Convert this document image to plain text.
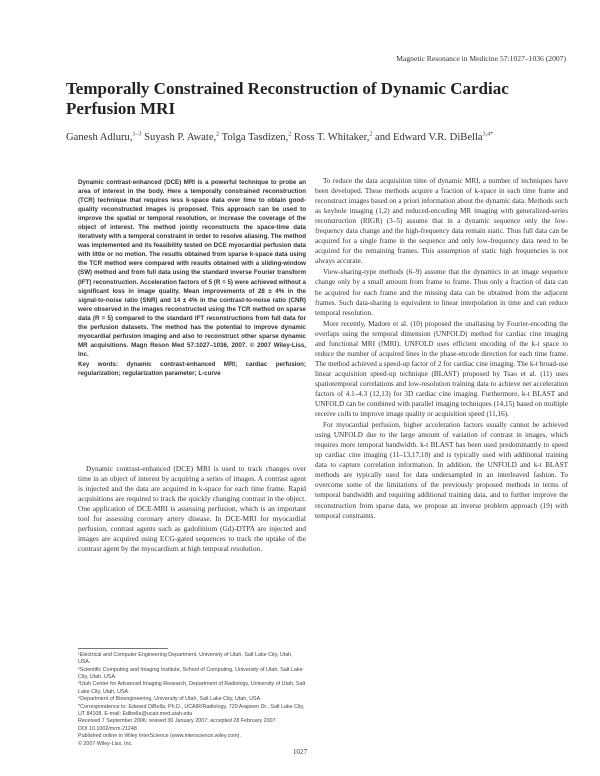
Magnetic Resonance in Medicine 57:1027–1036 (2007)
Temporally Constrained Reconstruction of Dynamic Cardiac Perfusion MRI
Ganesh Adluru,$^{1-3}$ Suyash P. Awate,$^2$ Tolga Tasdizen,$^2$ Ross T. Whitaker,$^2$ and Edward V.R. DiBella$^{3,4*}$

Dynamic contrast-enhanced (DCE) MRI is a powerful technique to probe an area of interest in the body. Here a temporally constrained reconstruction (TCR) technique that requires less k-space data over time to obtain good-quality reconstructed images is proposed. This approach can be used to improve the spatial or temporal resolution, or increase the coverage of the object of interest. The method jointly reconstructs the space-time data iteratively with a temporal constraint in order to resolve aliasing. The method was implemented and its feasibility tested on DCE myocardial perfusion data with little or no motion. The results obtained from sparse k-space data using the TCR method were compared with results obtained with a sliding-window (SW) method and from full data using the standard inverse Fourier transform (IFT) reconstruction. Acceleration factors of 5 (R = 5) were achieved without a significant loss in image quality. Mean improvements of 28 ± 4% in the signal-to-noise ratio (SNR) and 14 ± 4% in the contrast-to-noise ratio (CNR) were observed in the images reconstructed using the TCR method on sparse data (R = 5) compared to the standard IFT reconstructions from full data for the perfusion datasets. The method has the potential to improve dynamic myocardial perfusion imaging and also to reconstruct other sparse dynamic MR acquisitions. Magn Reson Med 57:1027–1036, 2007. © 2007 Wiley-Liss, Inc.

Key words: dynamic contrast-enhanced MRI; cardiac perfusion; regularization; regularization parameter; L-curve

Dynamic contrast-enhanced (DCE) MRI is used to track changes over time in an object of interest by acquiring a series of images. A contrast agent is injected and the data are acquired in k-space for each time frame. Rapid acquisitions are required to track the quickly changing contrast in the object. One application of DCE-MRI is assessing perfusion, which is an important tool for assessing coronary artery disease. In DCE-MRI for myocardial perfusion, contrast agents such as gadolinium (Gd)-DTPA are injected and images are acquired using ECG-gated sequences to track the uptake of the contrast agent by the myocardium at high temporal resolution.

¹Electrical and Computer Engineering Department, University of Utah, Salt Lake City, Utah, USA.

²Scientific Computing and Imaging Institute, School of Computing, University of Utah, Salt Lake City, Utah, USA.

³Utah Center for Advanced Imaging Research, Department of Radiology, University of Utah, Salt Lake City, Utah, USA.

⁴Department of Bioengineering, University of Utah, Salt Lake City, Utah, USA.

*Correspondence to: Edward DiBella, Ph.D., UCAIR/Radiology, 729 Arapeen Dr., Salt Lake City, UT 84108. E-mail: Edibella@ucair.med.utah.edu

Received 7 September 2006; revised 30 January 2007; accepted 28 February 2007.

DOI 10.1002/mrm.21248

Published online in Wiley InterScience (www.interscience.wiley.com).

© 2007 Wiley-Liss, Inc.

To reduce the data acquisition time of dynamic MRI, a number of techniques have been developed. These methods acquire a fraction of k-space in each time frame and reconstruct images based on a priori information about the dynamic data. Methods such as keyhole imaging (1,2) and reduced-encoding MR imaging with generalized-series reconstruction (RIGR) (3–5) assume that in a dynamic sequence only the low-frequency data change and the high-frequency data remain static. Thus full data can be acquired for a single frame in the sequence and only low-frequency data need to be acquired for the remaining frames. This assumption of static high frequencies is not always accurate.

View-sharing-type methods (6–9) assume that the dynamics in an image sequence change only by a small amount from frame to frame. Thus only a fraction of data can be acquired for each frame and the missing data can be obtained from the adjacent frames. Such data-sharing is equivalent to linear interpolation in time and can reduce temporal resolution.

More recently, Madore et al. (10) proposed the unaliasing by Fourier-encoding the overlaps using the temporal dimension (UNFOLD) method for cardiac cine imaging and functional MRI (fMRI). UNFOLD uses efficient encoding of the k-t space to reduce the number of acquired lines in the phase-encode direction for each time frame. The method achieved a speed-up factor of 2 for cardiac cine imaging. The k-t broad-use linear acquisition speed-up technique (BLAST) proposed by Tsao et al. (11) uses spatiotemporal correlations and low-resolution training data to achieve net acceleration factors of 4.1–4.3 (12,13) for 3D cardiac cine imaging. Furthermore, k-t BLAST and UNFOLD can be combined with parallel imaging techniques (14,15) based on multiple receive coils to improve image quality or acquisition speed (11,16).

For myocardial perfusion, higher acceleration factors usually cannot be achieved using UNFOLD due to the large amount of variation of contrast in images, which requires more temporal bandwidth. k-t BLAST has been used predominantly to speed up cardiac cine imaging (11–13,17,18) and is typically used with additional training data to capture correlation information. In addition, the UNFOLD and k-t BLAST methods are typically used for data undersampled in an interleaved fashion. To overcome some of the limitations of the previously proposed methods in terms of temporal bandwidth and requiring additional training data, and to further improve the reconstruction from sparse data, we propose an inverse problem approach (19) with temporal constraints.

1027
